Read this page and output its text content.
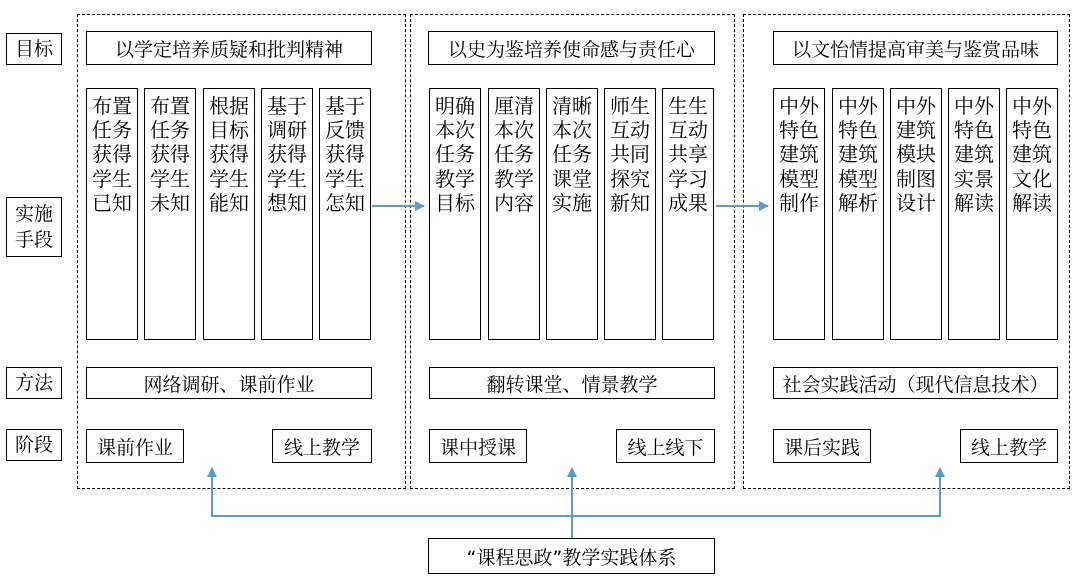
目标
实施
手段
方法
阶段
以学定培养质疑和批判精神	以史为鉴培养使命感与责任心	以文怡情提高审美与鉴赏品味
布置任务获得学生已知
布置任务获得学生未知
根据目标获得学生能知
基于调研获得学生想知
基于反馈获得学生怎知
明确本次任务教学目标
厘清本次任务教学内容
清晰本次任务课堂实施
师生互动共同探究新知
生生互动共享学习成果
中外特色建筑模型制作
中外特色建筑模型解析
中外建筑模块制图设计
中外特色建筑实景解读
中外特色建筑文化解读
网络调研、课前作业	翻转课堂、情景教学	社会实践活动（现代信息技术）
课前作业	线上教学	课中授课	线上线下	课后实践	线上教学
“课程思政”教学实践体系
